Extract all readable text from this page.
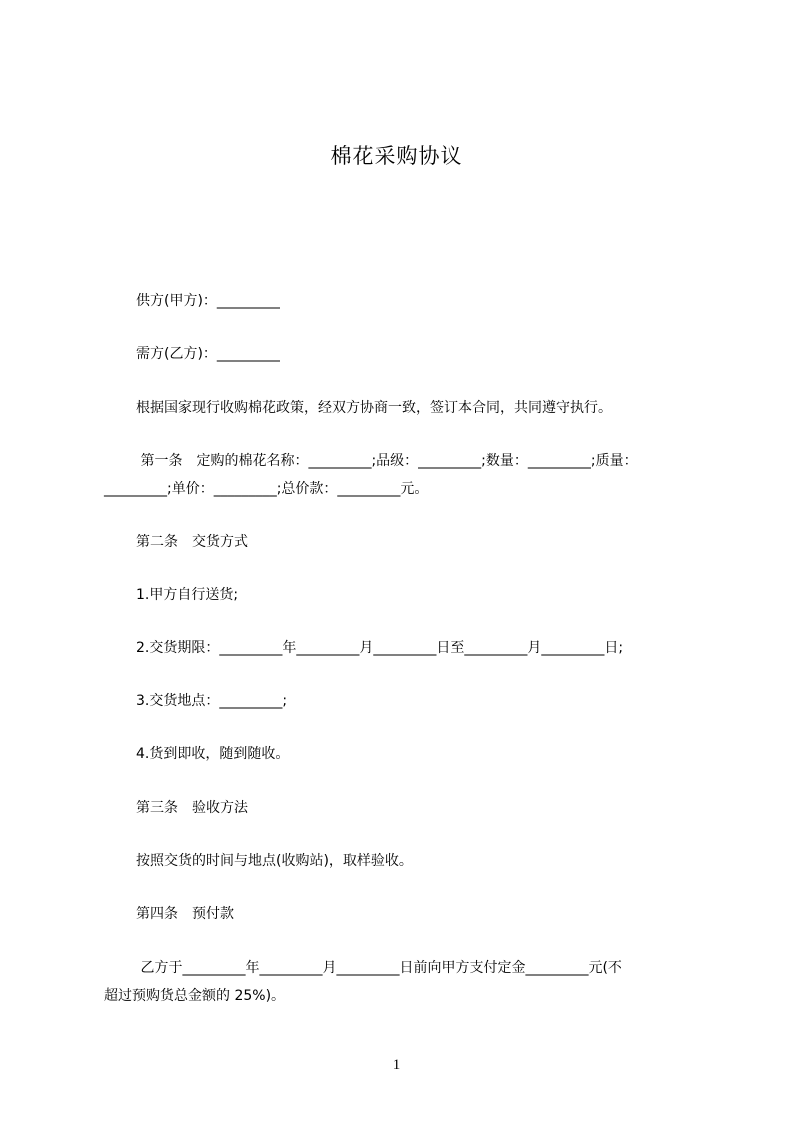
棉花采购协议
供方(甲方)：_________
需方(乙方)：_________
根据国家现行收购棉花政策，经双方协商一致，签订本合同，共同遵守执行。
第一条　定购的棉花名称：_________;品级：_________;数量：_________;质量：
_________;单价：_________;总价款：_________元。
第二条　交货方式
1.甲方自行送货;
2.交货期限：_________年_________月_________日至_________月_________日;
3.交货地点：_________;
4.货到即收，随到随收。
第三条　验收方法
按照交货的时间与地点(收购站)，取样验收。
第四条　预付款
乙方于_________年_________月_________日前向甲方支付定金_________元(不
超过预购货总金额的 25%)。
1
